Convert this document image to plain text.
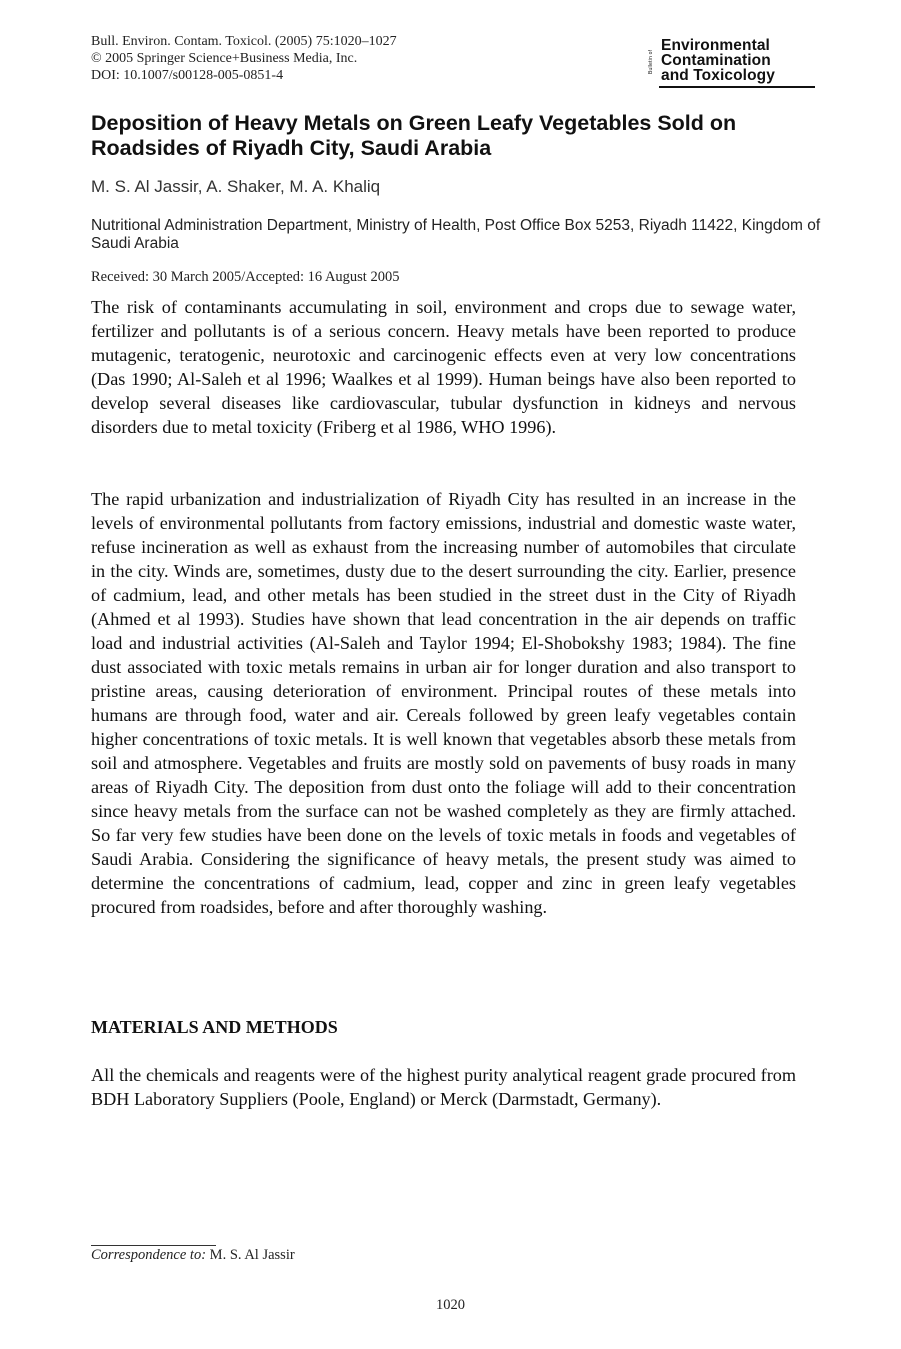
Bull. Environ. Contam. Toxicol. (2005) 75:1020–1027
© 2005 Springer Science+Business Media, Inc.
DOI: 10.1007/s00128-005-0851-4
Bulletin of
Environmental
Contamination
and Toxicology
Deposition of Heavy Metals on Green Leafy Vegetables Sold on Roadsides of Riyadh City, Saudi Arabia
M. S. Al Jassir, A. Shaker, M. A. Khaliq
Nutritional Administration Department, Ministry of Health, Post Office Box 5253, Riyadh 11422, Kingdom of Saudi Arabia
Received: 30 March 2005/Accepted: 16 August 2005

The risk of contaminants accumulating in soil, environment and crops due to sewage water, fertilizer and pollutants is of a serious concern. Heavy metals have been reported to produce mutagenic, teratogenic, neurotoxic and carcinogenic effects even at very low concentrations (Das 1990; Al-Saleh et al 1996; Waalkes et al 1999). Human beings have also been reported to develop several diseases like cardiovascular, tubular dysfunction in kidneys and nervous disorders due to metal toxicity (Friberg et al 1986, WHO 1996).

The rapid urbanization and industrialization of Riyadh City has resulted in an increase in the levels of environmental pollutants from factory emissions, industrial and domestic waste water, refuse incineration as well as exhaust from the increasing number of automobiles that circulate in the city. Winds are, sometimes, dusty due to the desert surrounding the city. Earlier, presence of cadmium, lead, and other metals has been studied in the street dust in the City of Riyadh (Ahmed et al 1993). Studies have shown that lead concentration in the air depends on traffic load and industrial activities (Al-Saleh and Taylor 1994; El-Shobokshy 1983; 1984). The fine dust associated with toxic metals remains in urban air for longer duration and also transport to pristine areas, causing deterioration of environment. Principal routes of these metals into humans are through food, water and air. Cereals followed by green leafy vegetables contain higher concentrations of toxic metals. It is well known that vegetables absorb these metals from soil and atmosphere. Vegetables and fruits are mostly sold on pavements of busy roads in many areas of Riyadh City. The deposition from dust onto the foliage will add to their concentration since heavy metals from the surface can not be washed completely as they are firmly attached. So far very few studies have been done on the levels of toxic metals in foods and vegetables of Saudi Arabia. Considering the significance of heavy metals, the present study was aimed to determine the concentrations of cadmium, lead, copper and zinc in green leafy vegetables procured from roadsides, before and after thoroughly washing.

MATERIALS AND METHODS

All the chemicals and reagents were of the highest purity analytical reagent grade procured from BDH Laboratory Suppliers (Poole, England) or Merck (Darmstadt, Germany).

Correspondence to: M. S. Al Jassir
1020
